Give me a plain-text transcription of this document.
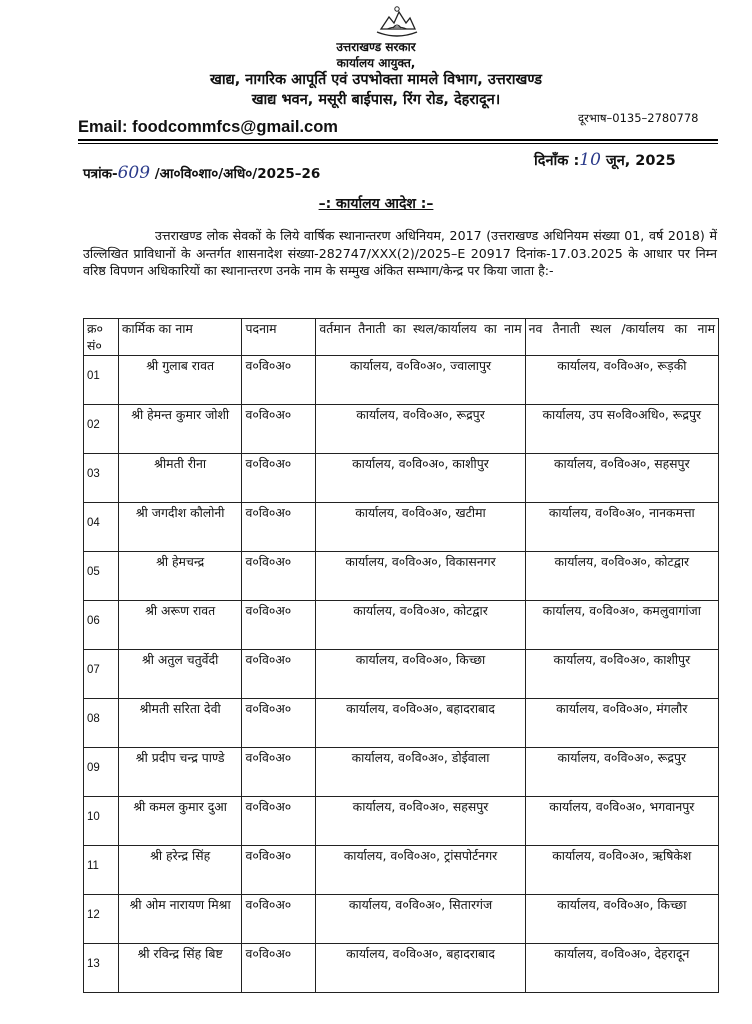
उत्तराखण्ड सरकार
कार्यालय आयुक्त,
खाद्य, नागरिक आपूर्ति एवं उपभोक्ता मामले विभाग, उत्तराखण्ड
खाद्य भवन, मसूरी बाईपास, रिंग रोड, देहरादून।
Email: foodcommfcs@gmail.com	दूरभाष–0135–2780778
पत्रांक-609 /आ०वि०शा०/अधि०/2025–26
दिनाँक :10 जून, 2025
–: कार्यालय आदेश :–
उत्तराखण्ड लोक सेवकों के लिये वार्षिक स्थानान्तरण अधिनियम, 2017 (उत्तराखण्ड अधिनियम संख्या 01, वर्ष 2018) में उल्लिखित प्राविधानों के अन्तर्गत शासनादेश संख्या-282747/XXX(2)/2025–E 20917 दिनांक-17.03.2025 के आधार पर निम्न वरिष्ठ विपणन अधिकारियों का स्थानान्तरण उनके नाम के सम्मुख अंकित सम्भाग/केन्द्र पर किया जाता है:-
क्र० सं०	कार्मिक का नाम	पदनाम	वर्तमान तैनाती का स्थल/कार्यालय का नाम	नव तैनाती स्थल /कार्यालय का नाम
01	श्री गुलाब रावत	व०वि०अ०	कार्यालय, व०वि०अ०, ज्वालापुर	कार्यालय, व०वि०अ०, रूड़की
02	श्री हेमन्त कुमार जोशी	व०वि०अ०	कार्यालय, व०वि०अ०, रूद्रपुर	कार्यालय, उप स०वि०अधि०, रूद्रपुर
03	श्रीमती रीना	व०वि०अ०	कार्यालय, व०वि०अ०, काशीपुर	कार्यालय, व०वि०अ०, सहसपुर
04	श्री जगदीश कौलोनी	व०वि०अ०	कार्यालय, व०वि०अ०, खटीमा	कार्यालय, व०वि०अ०, नानकमत्ता
05	श्री हेमचन्द्र	व०वि०अ०	कार्यालय, व०वि०अ०, विकासनगर	कार्यालय, व०वि०अ०, कोटद्वार
06	श्री अरूण रावत	व०वि०अ०	कार्यालय, व०वि०अ०, कोटद्वार	कार्यालय, व०वि०अ०, कमलुवागांजा
07	श्री अतुल चतुर्वेदी	व०वि०अ०	कार्यालय, व०वि०अ०, किच्छा	कार्यालय, व०वि०अ०, काशीपुर
08	श्रीमती सरिता देवी	व०वि०अ०	कार्यालय, व०वि०अ०, बहादराबाद	कार्यालय, व०वि०अ०, मंगलौर
09	श्री प्रदीप चन्द्र पाण्डे	व०वि०अ०	कार्यालय, व०वि०अ०, डोईवाला	कार्यालय, व०वि०अ०, रूद्रपुर
10	श्री कमल कुमार दुआ	व०वि०अ०	कार्यालय, व०वि०अ०, सहसपुर	कार्यालय, व०वि०अ०, भगवानपुर
11	श्री हरेन्द्र सिंह	व०वि०अ०	कार्यालय, व०वि०अ०, ट्रांसपोर्टनगर	कार्यालय, व०वि०अ०, ऋषिकेश
12	श्री ओम नारायण मिश्रा	व०वि०अ०	कार्यालय, व०वि०अ०, सितारगंज	कार्यालय, व०वि०अ०, किच्छा
13	श्री रविन्द्र सिंह बिष्ट	व०वि०अ०	कार्यालय, व०वि०अ०, बहादराबाद	कार्यालय, व०वि०अ०, देहरादून
